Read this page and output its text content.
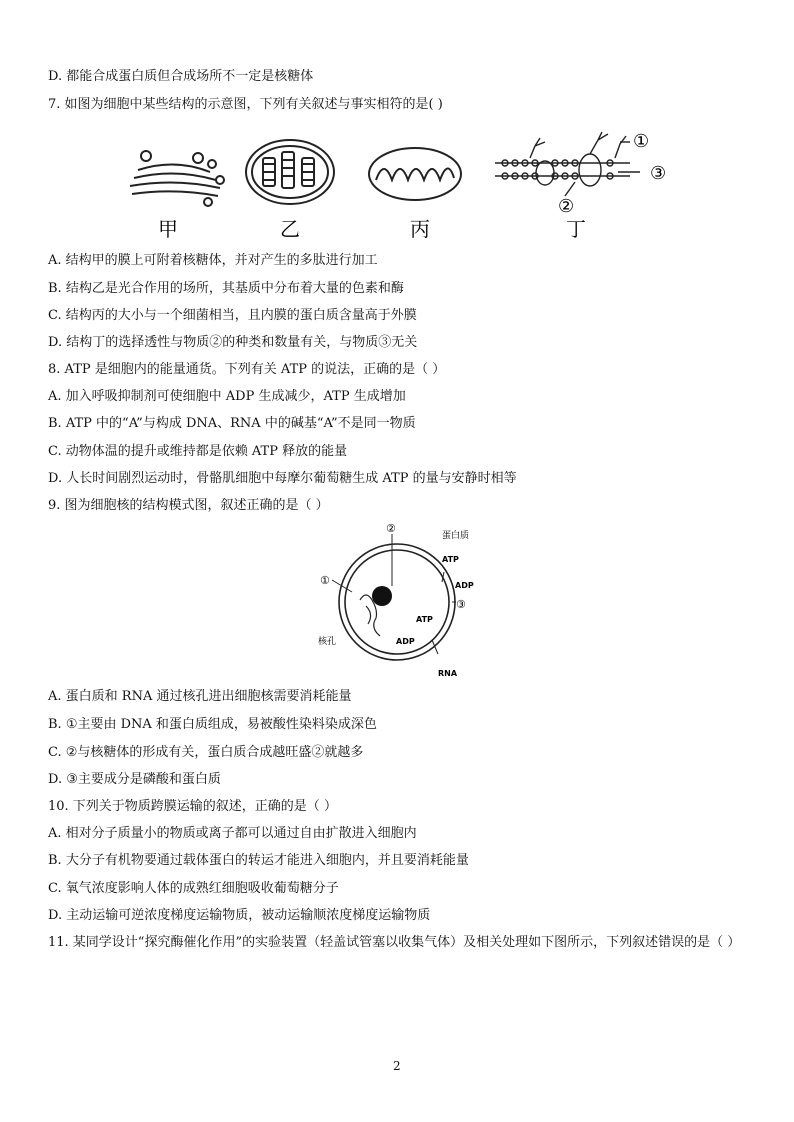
D. 都能合成蛋白质但合成场所不一定是核糖体
7. 如图为细胞中某些结构的示意图，下列有关叙述与事实相符的是( )
①
③
②
甲	乙	丙	丁
A. 结构甲的膜上可附着核糖体，并对产生的多肽进行加工
B. 结构乙是光合作用的场所，其基质中分布着大量的色素和酶
C. 结构丙的大小与一个细菌相当，且内膜的蛋白质含量高于外膜
D. 结构丁的选择透性与物质②的种类和数量有关，与物质③无关
8. ATP 是细胞内的能量通货。下列有关 ATP 的说法，正确的是（ ）
A. 加入呼吸抑制剂可使细胞中 ADP 生成减少，ATP 生成增加
B. ATP 中的“A”与构成 DNA、RNA 中的碱基“A”不是同一物质
C. 动物体温的提升或维持都是依赖 ATP 释放的能量
D. 人长时间剧烈运动时，骨骼肌细胞中每摩尔葡萄糖生成 ATP 的量与安静时相等
9. 图为细胞核的结构模式图，叙述正确的是（ ）
②
①
③
蛋白质
ATP
ADP
ATP
ADP
核孔
RNA
A. 蛋白质和 RNA 通过核孔进出细胞核需要消耗能量
B. ①主要由 DNA 和蛋白质组成，易被酸性染料染成深色
C. ②与核糖体的形成有关，蛋白质合成越旺盛②就越多
D. ③主要成分是磷酸和蛋白质
10. 下列关于物质跨膜运输的叙述，正确的是（ ）
A. 相对分子质量小的物质或离子都可以通过自由扩散进入细胞内
B. 大分子有机物要通过载体蛋白的转运才能进入细胞内，并且要消耗能量
C. 氧气浓度影响人体的成熟红细胞吸收葡萄糖分子
D. 主动运输可逆浓度梯度运输物质，被动运输顺浓度梯度运输物质
11. 某同学设计“探究酶催化作用”的实验装置（轻盖试管塞以收集气体）及相关处理如下图所示，下列叙述错误的是（ ）
2
